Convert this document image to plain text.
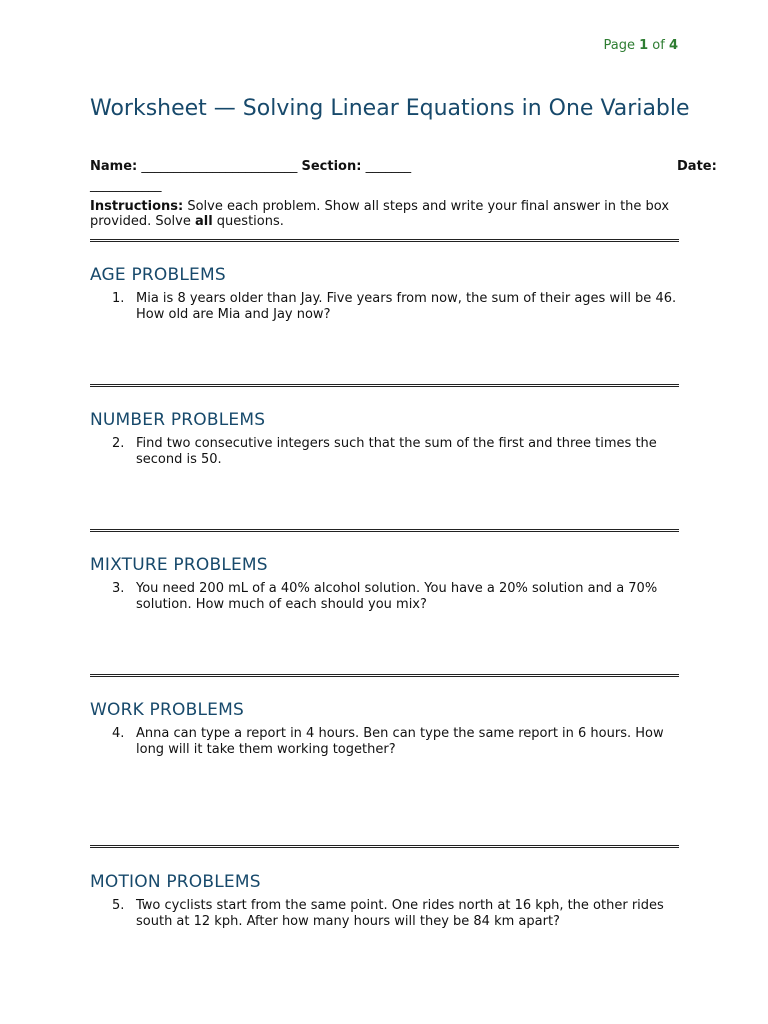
Page 1 of 4
Worksheet — Solving Linear Equations in One Variable
Name: ________________________ Section: _______	Date:
___________
Instructions: Solve each problem. Show all steps and write your final answer in the box provided. Solve all questions.
AGE PROBLEMS
1. Mia is 8 years older than Jay. Five years from now, the sum of their ages will be 46. How old are Mia and Jay now?
NUMBER PROBLEMS
2. Find two consecutive integers such that the sum of the first and three times the second is 50.
MIXTURE PROBLEMS
3. You need 200 mL of a 40% alcohol solution. You have a 20% solution and a 70% solution. How much of each should you mix?
WORK PROBLEMS
4. Anna can type a report in 4 hours. Ben can type the same report in 6 hours. How long will it take them working together?
MOTION PROBLEMS
5. Two cyclists start from the same point. One rides north at 16 kph, the other rides south at 12 kph. After how many hours will they be 84 km apart?
